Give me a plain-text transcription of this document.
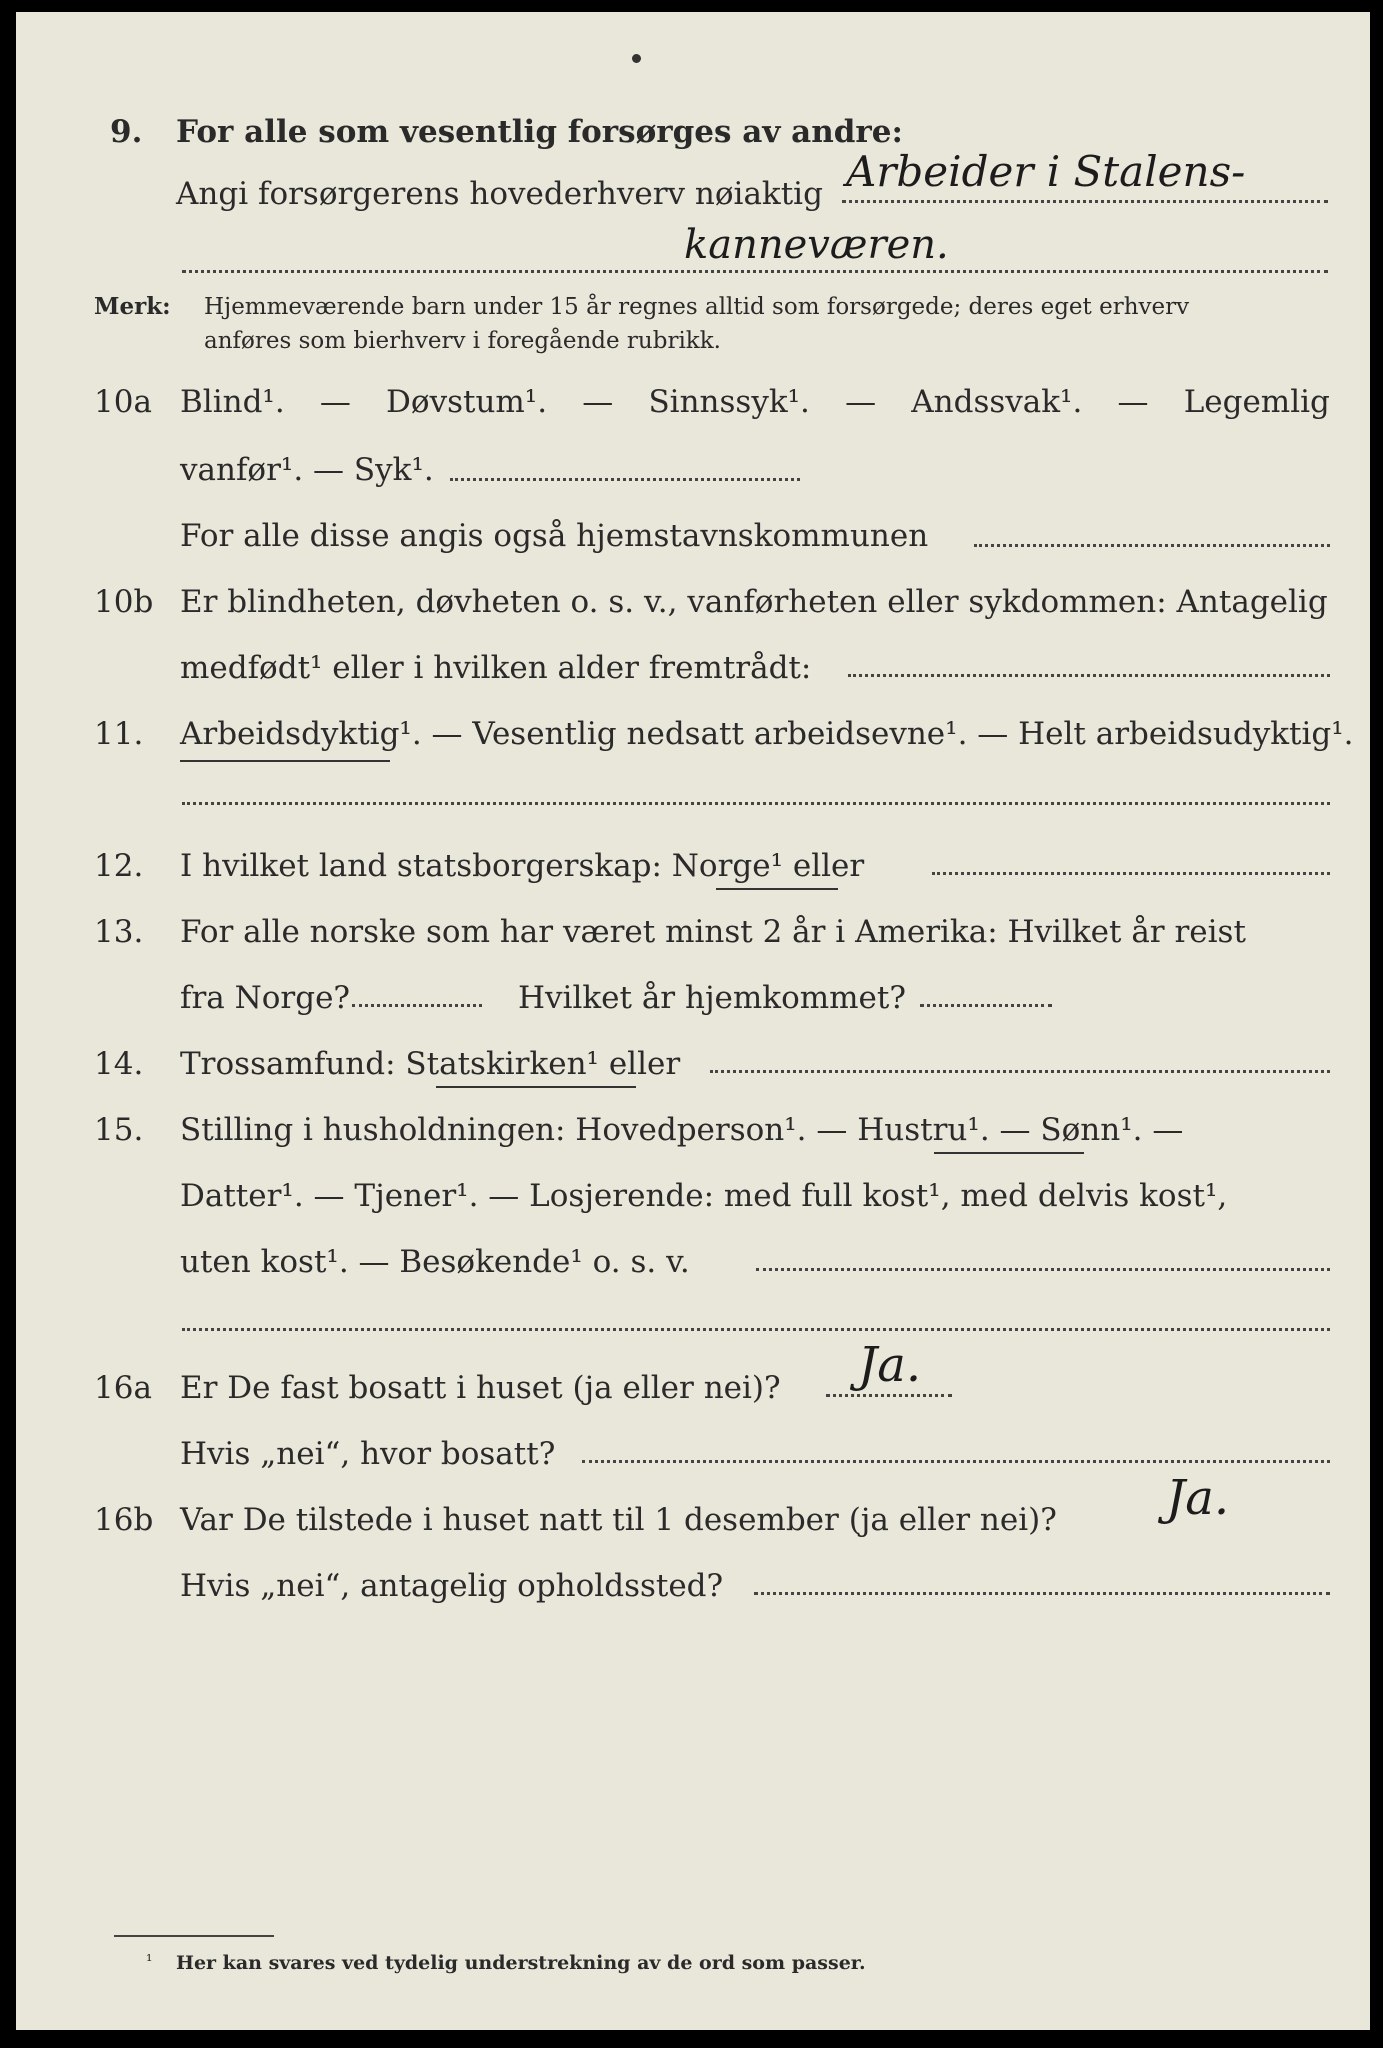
9. For alle som vesentlig forsørges av andre:
Angi forsørgerens hovederhverv nøiaktig Arbeider i Stalens-
kanneværen.
Merk: Hjemmeværende barn under 15 år regnes alltid som forsørgede; deres eget erhverv
anføres som bierhverv i foregående rubrikk.
10a Blind¹. — Døvstum¹. — Sinnssyk¹. — Andssvak¹. — Legemlig
vanfør¹. — Syk¹.
For alle disse angis også hjemstavnskommunen
10b Er blindheten, døvheten o. s. v., vanførheten eller sykdommen: Antagelig
medfødt¹ eller i hvilken alder fremtrådt:
11. Arbeidsdyktig¹. — Vesentlig nedsatt arbeidsevne¹. — Helt arbeidsudyktig¹.
12. I hvilket land statsborgerskap: Norge¹ eller
13. For alle norske som har været minst 2 år i Amerika: Hvilket år reist
fra Norge?	Hvilket år hjemkommet?
14. Trossamfund: Statskirken¹ eller
15. Stilling i husholdningen: Hovedperson¹. — Hustru¹. — Sønn¹. —
Datter¹. — Tjener¹. — Losjerende: med full kost¹, med delvis kost¹,
uten kost¹. — Besøkende¹ o. s. v.
16a Er De fast bosatt i huset (ja eller nei)? Ja.
Hvis „nei“, hvor bosatt?
16b Var De tilstede i huset natt til 1 desember (ja eller nei)? Ja.
Hvis „nei“, antagelig opholdssted?
¹ Her kan svares ved tydelig understrekning av de ord som passer.
